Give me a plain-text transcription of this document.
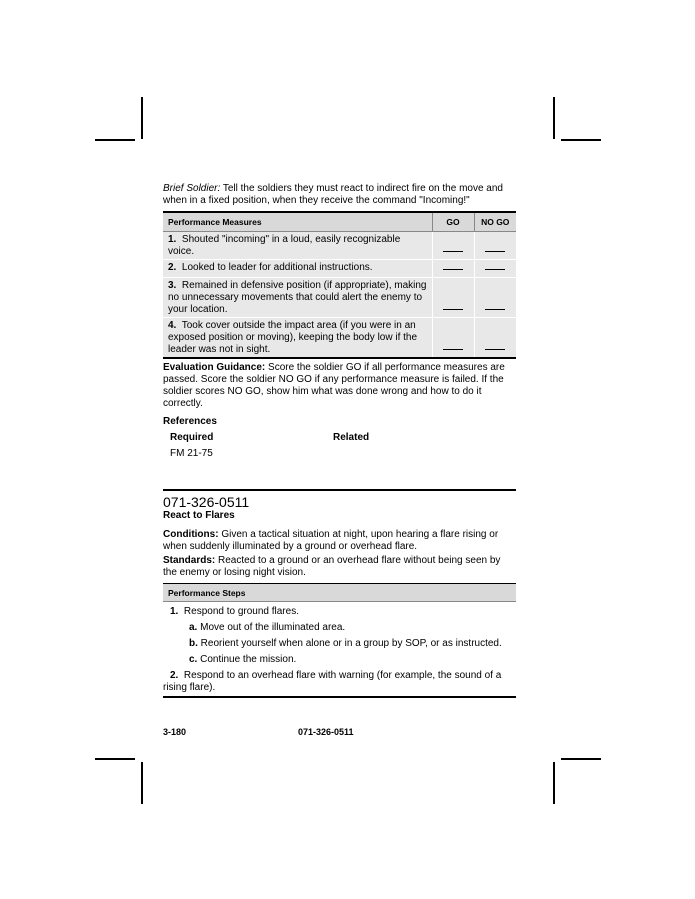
Brief Soldier: Tell the soldiers they must react to indirect fire on the move and when in a fixed position, when they receive the command "Incoming!"

Performance Measures	GO	NO GO
1. Shouted "incoming" in a loud, easily recognizable voice.		
2. Looked to leader for additional instructions.		
3. Remained in defensive position (if appropriate), making no unnecessary movements that could alert the enemy to your location.		
4. Took cover outside the impact area (if you were in an exposed position or moving), keeping the body low if the leader was not in sight.		

Evaluation Guidance: Score the soldier GO if all performance measures are passed. Score the soldier NO GO if any performance measure is failed. If the soldier scores NO GO, show him what was done wrong and how to do it correctly.

References
Required	Related
FM 21-75
071-326-0511
React to Flares
Conditions: Given a tactical situation at night, upon hearing a flare rising or when suddenly illuminated by a ground or overhead flare.
Standards: Reacted to a ground or an overhead flare without being seen by the enemy or losing night vision.
Performance Steps
1. Respond to ground flares.
a. Move out of the illuminated area.
b. Reorient yourself when alone or in a group by SOP, or as instructed.
c. Continue the mission.
2. Respond to an overhead flare with warning (for example, the sound of a rising flare).
3-180	071-326-0511
